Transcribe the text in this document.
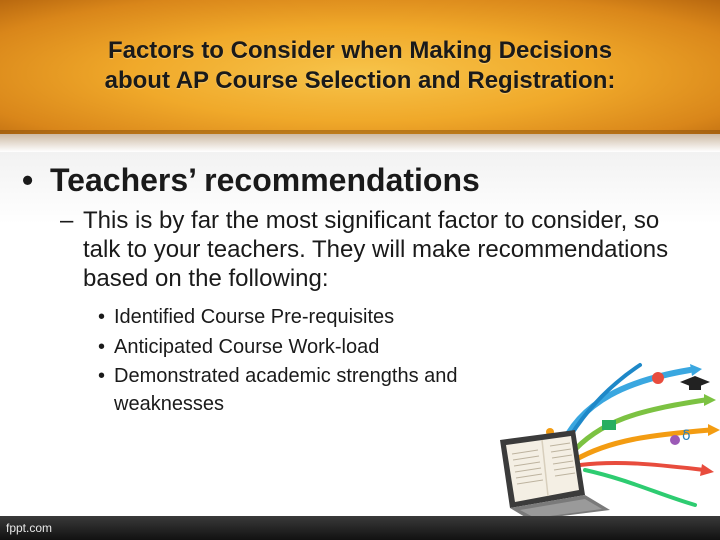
Factors to Consider when Making Decisions
about AP Course Selection and Registration:
• Teachers’ recommendations
– This is by far the most significant factor to consider, so talk to your teachers. They will make recommendations based on the following:
• Identified Course Pre-requisites
• Anticipated Course Work-load
• Demonstrated academic strengths and weaknesses
δ
fppt.com
